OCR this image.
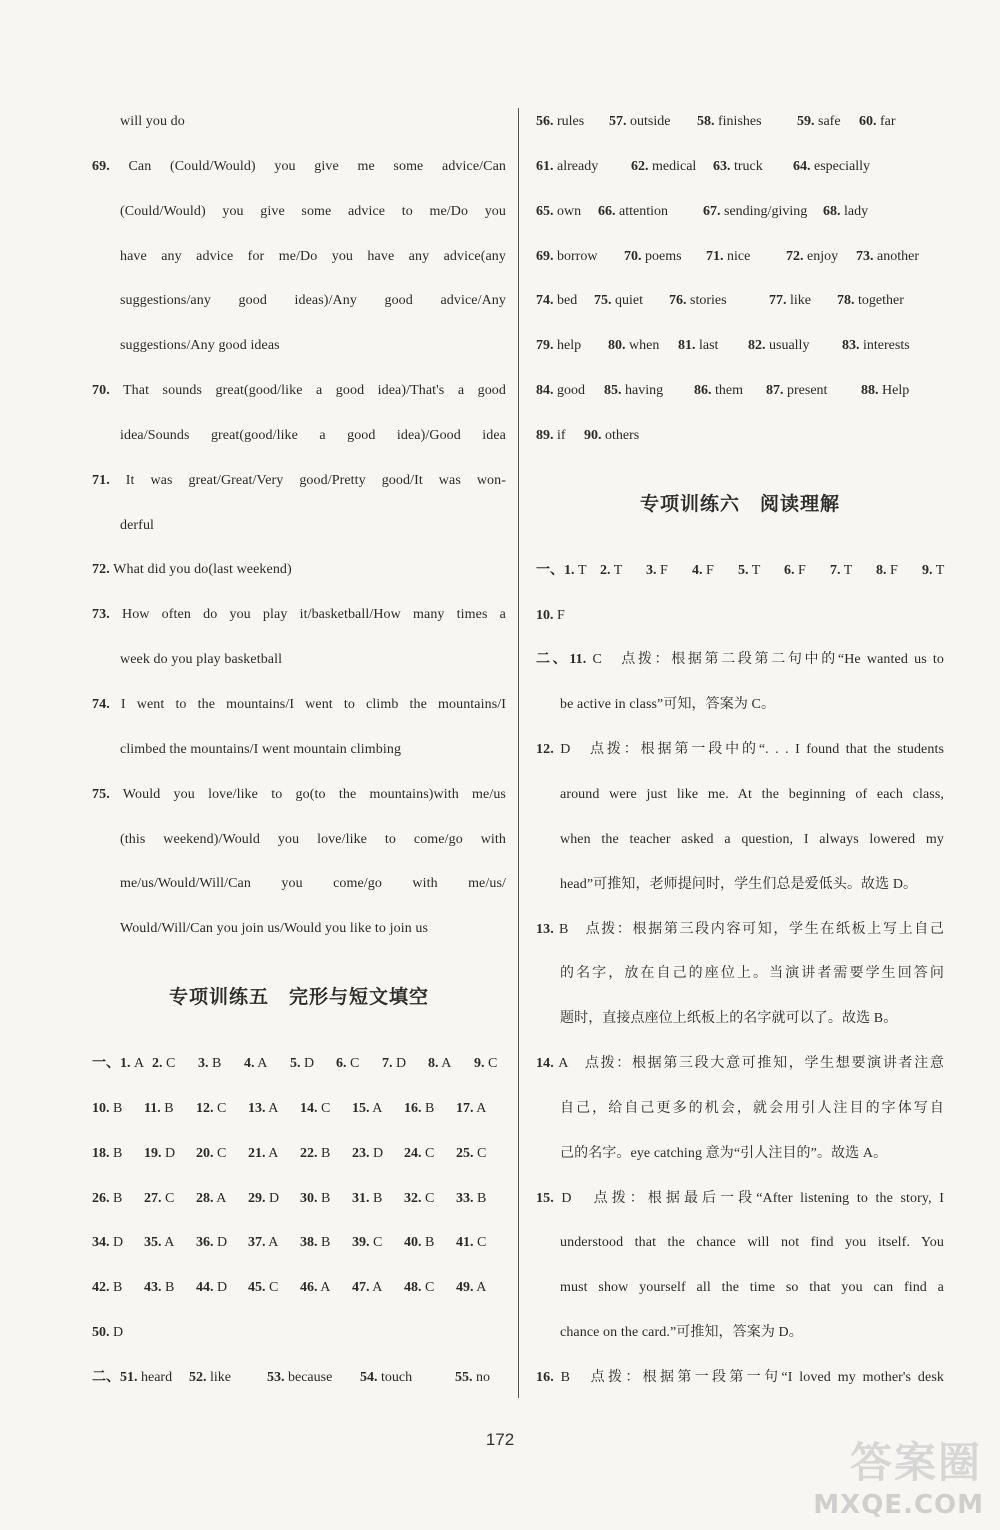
will you do
69. Can (Could/Would) you give me some advice/Can
(Could/Would) you give some advice to me/Do you
have any advice for me/Do you have any advice(any
suggestions/any good ideas)/Any good advice/Any
suggestions/Any good ideas
70. That sounds great(good/like a good idea)/That's a good
idea/Sounds great(good/like a good idea)/Good idea
71. It was great/Great/Very good/Pretty good/It was won-
derful
72. What did you do(last weekend)
73. How often do you play it/basketball/How many times a
week do you play basketball
74. I went to the mountains/I went to climb the mountains/I
climbed the mountains/I went mountain climbing
75. Would you love/like to go(to the mountains)with me/us
(this weekend)/Would you love/like to come/go with
me/us/Would/Will/Can you come/go with me/us/
Would/Will/Can you join us/Would you like to join us
专项训练五 完形与短文填空
一、1. A 2. C	3. B	4. A	5. D	6. C	7. D	8. A	9. C
10. B	11. B	12. C	13. A	14. C	15. A	16. B	17. A
18. B	19. D	20. C	21. A	22. B	23. D	24. C	25. C
26. B	27. C	28. A	29. D	30. B	31. B	32. C	33. B
34. D	35. A	36. D	37. A	38. B	39. C	40. B	41. C
42. B	43. B	44. D	45. C	46. A	47. A	48. C	49. A
50. D
二、51. heard	52. like	53. because	54. touch	55. no
56. rules	57. outside	58. finishes	59. safe	60. far
61. already	62. medical	63. truck	64. especially
65. own	66. attention	67. sending/giving	68. lady
69. borrow	70. poems	71. nice	72. enjoy	73. another
74. bed	75. quiet	76. stories	77. like	78. together
79. help	80. when	81. last	82. usually	83. interests
84. good	85. having	86. them	87. present	88. Help
89. if	90. others
专项训练六 阅读理解
一、1. T 2. T	3. F	4. F	5. T	6. F	7. T	8. F	9. T
10. F
二、11. C　点拨：根据第二段第二句中的“He wanted us to
be active in class”可知，答案为 C。
12. D　点拨：根据第一段中的“. . . I found that the students
around were just like me. At the beginning of each class,
when the teacher asked a question, I always lowered my
head”可推知，老师提问时，学生们总是爱低头。故选 D。
13. B　点拨：根据第三段内容可知，学生在纸板上写上自己
的名字，放在自己的座位上。当演讲者需要学生回答问
题时，直接点座位上纸板上的名字就可以了。故选 B。
14. A　点拨：根据第三段大意可推知，学生想要演讲者注意
自己，给自己更多的机会，就会用引人注目的字体写自
己的名字。eye catching 意为“引人注目的”。故选 A。
15. D　点拨：根据最后一段“After listening to the story, I
understood that the chance will not find you itself. You
must show yourself all the time so that you can find a
chance on the card.”可推知，答案为 D。
16. B　点拨：根据第一段第一句“I loved my mother's desk
172	答案圈
MXQE.COM
